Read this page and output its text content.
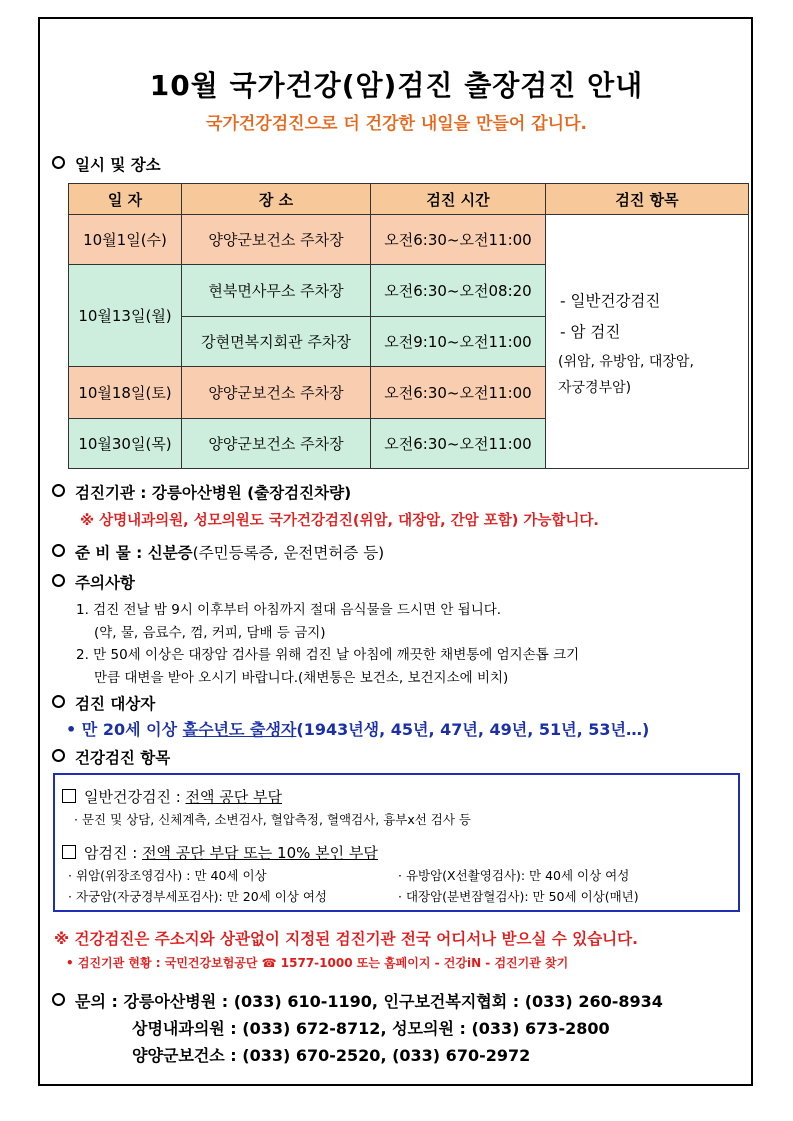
10월 국가건강(암)검진 출장검진 안내
국가건강검진으로 더 건강한 내일을 만들어 갑니다.
일시 및 장소
일 자	장 소	검진 시간	검진 항목
10월1일(수)	양양군보건소 주차장	오전6:30~오전11:00	- 일반건강검진
- 암 검진
(위암, 유방암, 대장암,
자궁경부암)

10월13일(월)	현북면사무소 주차장	오전6:30~오전08:20	
	강현면복지회관 주차장	오전9:10~오전11:00	
10월18일(토)	양양군보건소 주차장	오전6:30~오전11:00	
10월30일(목)	양양군보건소 주차장	오전6:30~오전11:00	
검진기관 : 강릉아산병원 (출장검진차량)
※ 상명내과의원, 성모의원도 국가건강검진(위암, 대장암, 간암 포함) 가능합니다.
준 비 물 : 신분증(주민등록증, 운전면허증 등)
주의사항
1. 검진 전날 밤 9시 이후부터 아침까지 절대 음식물을 드시면 안 됩니다.
(약, 물, 음료수, 껌, 커피, 담배 등 금지)
2. 만 50세 이상은 대장암 검사를 위해 검진 날 아침에 깨끗한 채변통에 엄지손톱 크기
만큼 대변을 받아 오시기 바랍니다.(채변통은 보건소, 보건지소에 비치)
검진 대상자
• 만 20세 이상 홀수년도 출생자(1943년생, 45년, 47년, 49년, 51년, 53년…)
건강검진 항목
일반건강검진 : 전액 공단 부담
· 문진 및 상담, 신체계측, 소변검사, 혈압측정, 혈액검사, 흉부x선 검사 등
암검진 : 전액 공단 부담 또는 10% 본인 부담
· 위암(위장조영검사) : 만 40세 이상	· 유방암(X선촬영검사): 만 40세 이상 여성
· 자궁암(자궁경부세포검사): 만 20세 이상 여성	· 대장암(분변잠혈검사): 만 50세 이상(매년)
※ 건강검진은 주소지와 상관없이 지정된 검진기관 전국 어디서나 받으실 수 있습니다.
• 검진기관 현황 : 국민건강보험공단 ☎ 1577-1000 또는 홈페이지 - 건강iN - 검진기관 찾기
문의 : 강릉아산병원 : (033) 610-1190, 인구보건복지협회 : (033) 260-8934
상명내과의원 : (033) 672-8712, 성모의원 : (033) 673-2800
양양군보건소 : (033) 670-2520, (033) 670-2972
